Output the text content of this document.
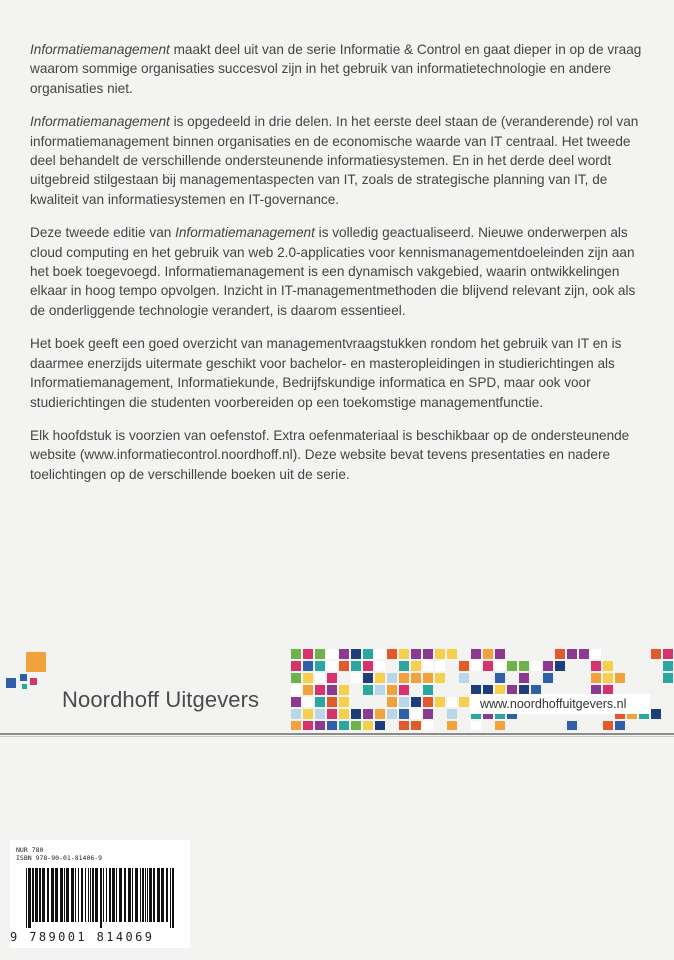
Informatiemanagement maakt deel uit van de serie Informatie & Control en gaat dieper in op de vraag waarom sommige organisaties succesvol zijn in het gebruik van informatietechnologie en andere organisaties niet.

Informatiemanagement is opgedeeld in drie delen. In het eerste deel staan de (veranderende) rol van informatiemanagement binnen organisaties en de economische waarde van IT centraal. Het tweede deel behandelt de verschillende ondersteunende informatiesystemen. En in het derde deel wordt uitgebreid stilgestaan bij managementaspecten van IT, zoals de strategische planning van IT, de kwaliteit van informatiesystemen en IT-governance.

Deze tweede editie van Informatiemanagement is volledig geactualiseerd. Nieuwe onderwerpen als cloud computing en het gebruik van web 2.0-applicaties voor kennismanagementdoeleinden zijn aan het boek toegevoegd. Informatiemanagement is een dynamisch vakgebied, waarin ontwikkelingen elkaar in hoog tempo opvolgen. Inzicht in IT-managementmethoden die blijvend relevant zijn, ook als de onderliggende technologie verandert, is daarom essentieel.

Het boek geeft een goed overzicht van managementvraagstukken rondom het gebruik van IT en is daarmee enerzijds uitermate geschikt voor bachelor- en masteropleidingen in studierichtingen als Informatiemanagement, Informatiekunde, Bedrijfskundige informatica en SPD, maar ook voor studierichtingen die studenten voorbereiden op een toekomstige managementfunctie.

Elk hoofdstuk is voorzien van oefenstof. Extra oefenmateriaal is beschikbaar op de ondersteunende website (www.informatiecontrol.noordhoff.nl). Deze website bevat tevens presentaties en nadere toelichtingen op de verschillende boeken uit de serie.

Noordhoff Uitgevers	www.noordhoffuitgevers.nl
NUR 780
ISBN 978-90-01-81406-9
9 789001 814069
